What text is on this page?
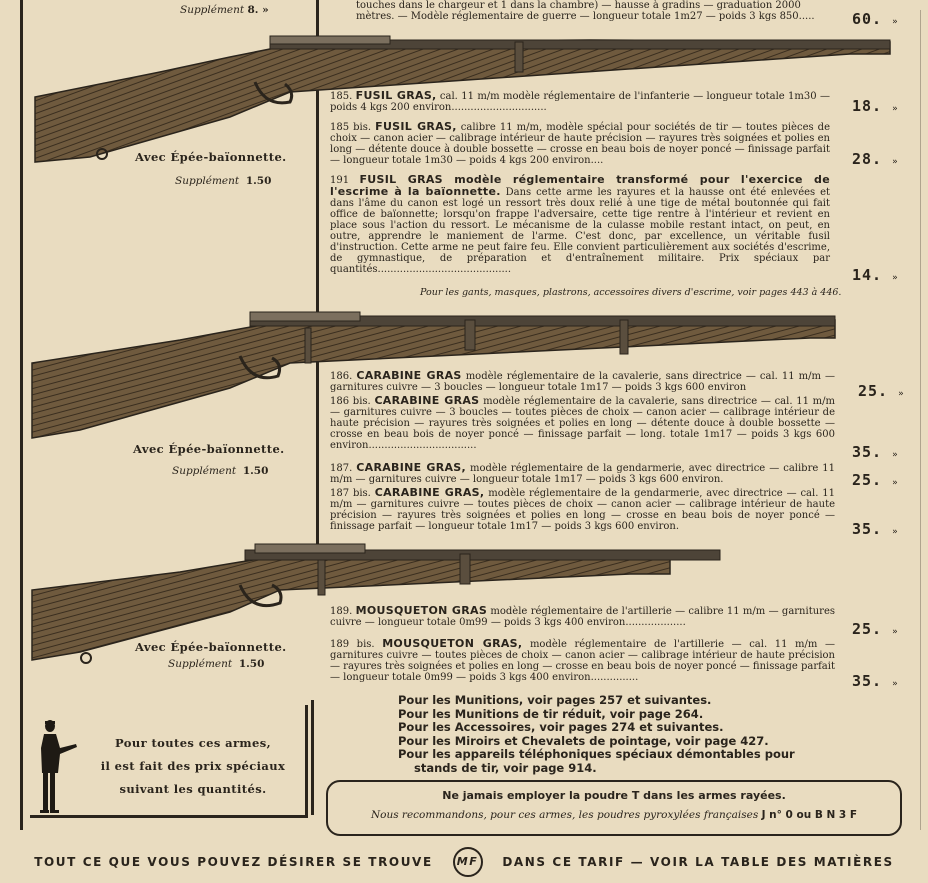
Supplément 8. »	touches dans le chargeur et 1 dans la chambre) — hausse à gradins — graduation 2000 mètres. — Modèle réglementaire de guerre — longueur totale 1m27 — poids 3 kgs 850.....	60. »
Avec Épée-baïonnette.
Supplément 1.50
185. FUSIL GRAS, cal. 11 m/m modèle réglementaire de l'infanterie — longueur totale 1m30 — poids 4 kgs 200 environ..............................	18. »
185 bis. FUSIL GRAS, calibre 11 m/m, modèle spécial pour sociétés de tir — toutes pièces de choix — canon acier — calibrage intérieur de haute précision — rayures très soignées et polies en long — détente douce à double bossette — crosse en beau bois de noyer poncé — finissage parfait — longueur totale 1m30 — poids 4 kgs 200 environ....	28. »
191 FUSIL GRAS modèle réglementaire transformé pour l'exercice de l'escrime à la baïonnette. Dans cette arme les rayures et la hausse ont été enlevées et dans l'âme du canon est logé un ressort très doux relié à une tige de métal boutonnée qui fait office de baïonnette; lorsqu'on frappe l'adversaire, cette tige rentre à l'intérieur et revient en place sous l'action du ressort. Le mécanisme de la culasse mobile restant intact, on peut, en outre, apprendre le maniement de l'arme. C'est donc, par excellence, un véritable fusil d'instruction. Cette arme ne peut faire feu. Elle convient particulièrement aux sociétés d'escrime, de gymnastique, de préparation et d'entraînement militaire. Prix spéciaux par quantités..........................................	14. »
Pour les gants, masques, plastrons, accessoires divers d'escrime, voir pages 443 à 446.
Avec Épée-baïonnette.
Supplément 1.50
186. CARABINE GRAS modèle réglementaire de la cavalerie, sans directrice — cal. 11 m/m — garnitures cuivre — 3 boucles — longueur totale 1m17 — poids 3 kgs 600 environ	25. »
186 bis. CARABINE GRAS modèle réglementaire de la cavalerie, sans directrice — cal. 11 m/m — garnitures cuivre — 3 boucles — toutes pièces de choix — canon acier — calibrage intérieur de haute précision — rayures très soignées et polies en long — détente douce à double bossette — crosse en beau bois de noyer poncé — finissage parfait — long. totale 1m17 — poids 3 kgs 600 environ..................................	35. »
187. CARABINE GRAS, modèle réglementaire de la gendarmerie, avec directrice — calibre 11 m/m — garnitures cuivre — longueur totale 1m17 — poids 3 kgs 600 environ.	25. »
187 bis. CARABINE GRAS, modèle réglementaire de la gendarmerie, avec directrice — cal. 11 m/m — garnitures cuivre — toutes pièces de choix — canon acier — calibrage intérieur de haute précision — rayures très soignées et polies en long — crosse en beau bois de noyer poncé — finissage parfait — longueur totale 1m17 — poids 3 kgs 600 environ.	35. »
Avec Épée-baïonnette.
Supplément 1.50
189. MOUSQUETON GRAS modèle réglementaire de l'artillerie — calibre 11 m/m — garnitures cuivre — longueur totale 0m99 — poids 3 kgs 400 environ...................	25. »
189 bis. MOUSQUETON GRAS, modèle réglementaire de l'artillerie — cal. 11 m/m — garnitures cuivre — toutes pièces de choix — canon acier — calibrage intérieur de haute précision — rayures très soignées et polies en long — crosse en beau bois de noyer poncé — finissage parfait — longueur totale 0m99 — poids 3 kgs 400 environ...............	35. »
Pour les Munitions, voir pages 257 et suivantes.
Pour les Munitions de tir réduit, voir page 264.
Pour les Accessoires, voir pages 274 et suivantes.
Pour les Miroirs et Chevalets de pointage, voir page 427.
Pour les appareils téléphoniques spéciaux démontables pour
stands de tir, voir page 914.
Pour toutes ces armes,
il est fait des prix spéciaux
suivant les quantités.	Ne jamais employer la poudre T dans les armes rayées.
Nous recommandons, pour ces armes, les poudres pyroxylées françaises J n° 0 ou B N 3 F
TOUT CE QUE VOUS POUVEZ DÉSIRER SE TROUVE MF DANS CE TARIF — VOIR LA TABLE DES MATIÈRES
